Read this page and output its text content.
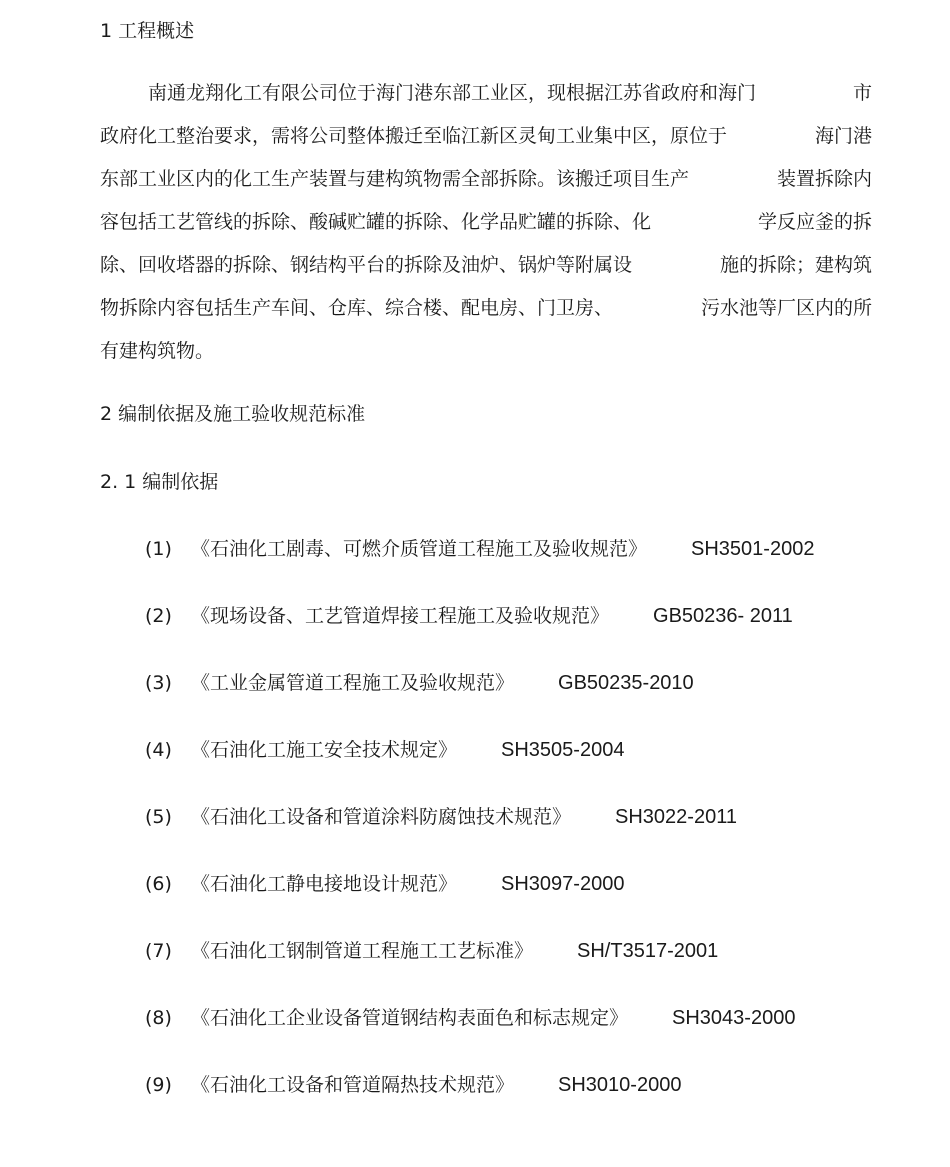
1 工程概述
南通龙翔化工有限公司位于海门港东部工业区，现根据江苏省政府和海门	市
政府化工整治要求，需将公司整体搬迁至临江新区灵甸工业集中区，原位于	海门港
东部工业区内的化工生产装置与建构筑物需全部拆除。该搬迁项目生产	装置拆除内
容包括工艺管线的拆除、酸碱贮罐的拆除、化学品贮罐的拆除、化	学反应釜的拆
除、回收塔器的拆除、钢结构平台的拆除及油炉、锅炉等附属设	施的拆除；建构筑
物拆除内容包括生产车间、仓库、综合楼、配电房、门卫房、	污水池等厂区内的所
有建构筑物。
2 编制依据及施工验收规范标准
2. 1 编制依据
(1) 《石油化工剧毒、可燃介质管道工程施工及验收规范》 SH3501-2002
(2) 《现场设备、工艺管道焊接工程施工及验收规范》 GB50236- 2011
(3) 《工业金属管道工程施工及验收规范》 GB50235-2010
(4) 《石油化工施工安全技术规定》 SH3505-2004
(5) 《石油化工设备和管道涂料防腐蚀技术规范》 SH3022-2011
(6) 《石油化工静电接地设计规范》 SH3097-2000
(7) 《石油化工钢制管道工程施工工艺标准》 SH/T3517-2001
(8) 《石油化工企业设备管道钢结构表面色和标志规定》 SH3043-2000
(9) 《石油化工设备和管道隔热技术规范》 SH3010-2000
